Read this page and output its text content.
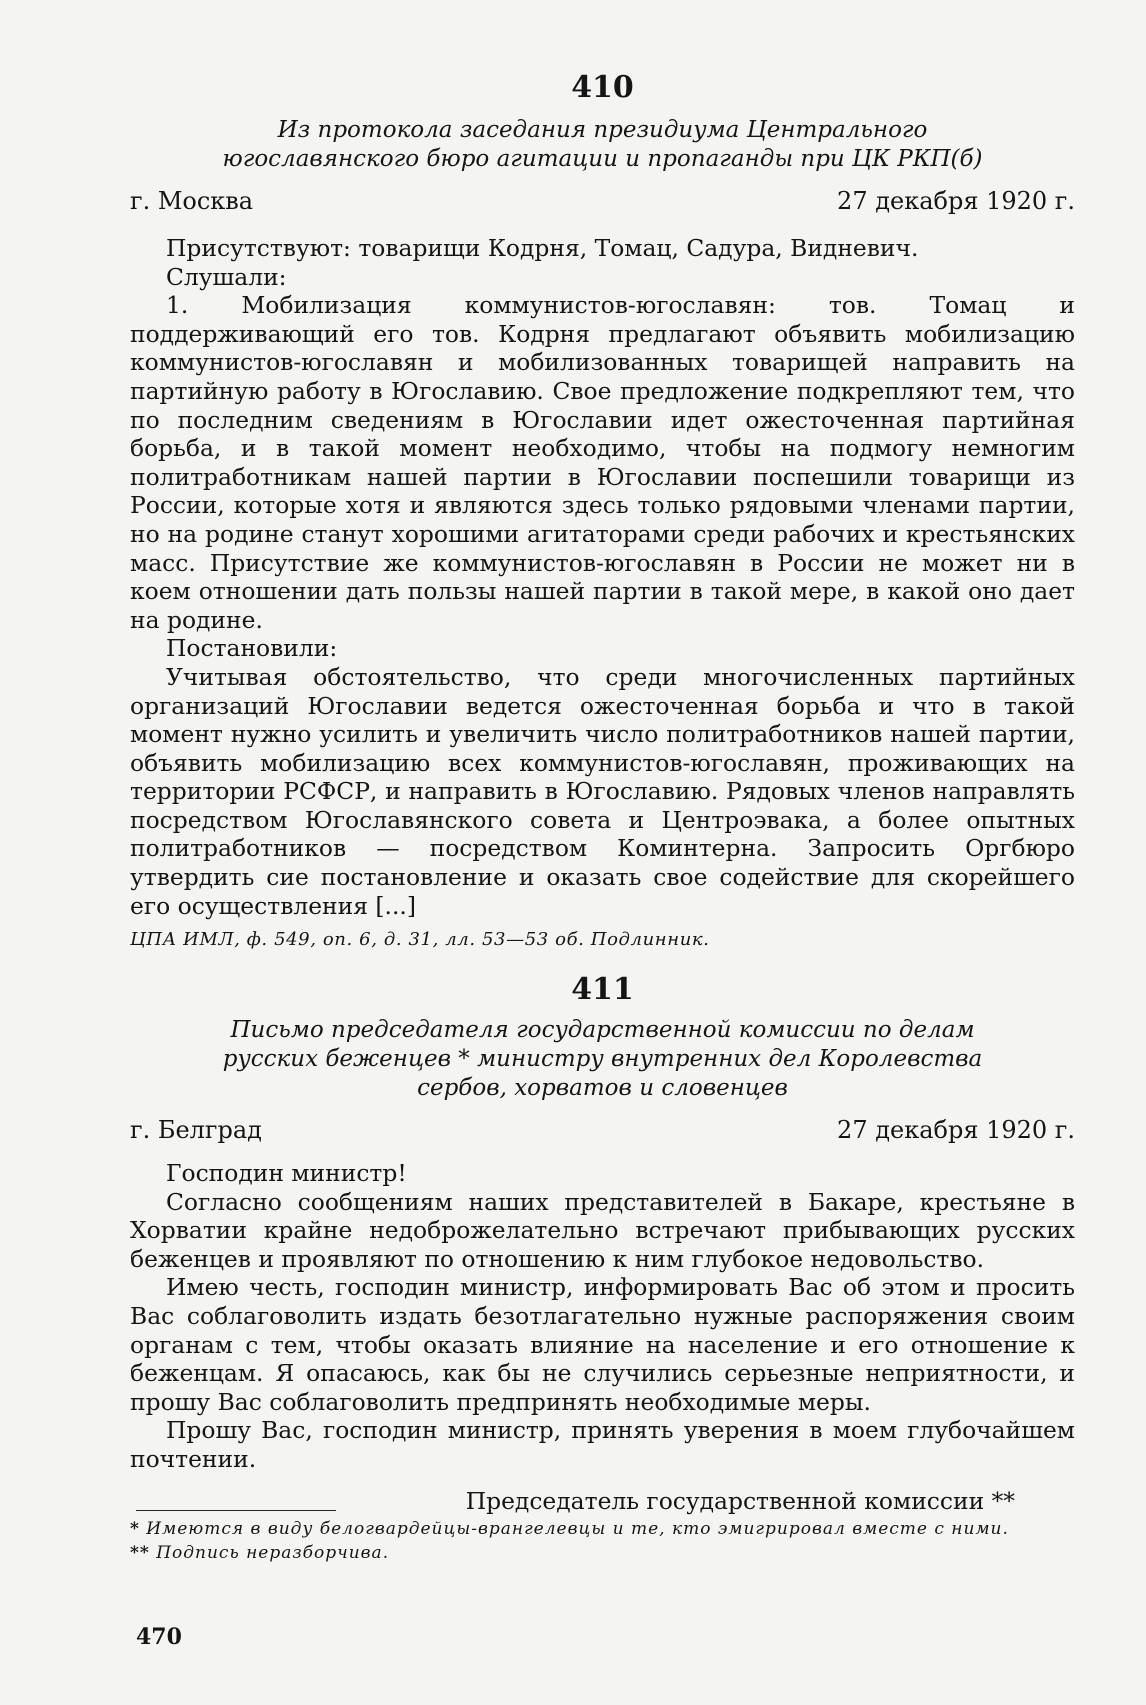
410
Из протокола заседания президиума Центрального югославянского бюро агитации и пропаганды при ЦК РКП(б)
г. Москва	27 декабря 1920 г.

Присутствуют: товарищи Кодрня, Томац, Садура, Видневич.

Слушали:

1. Мобилизация коммунистов-югославян: тов. Томац и поддерживающий его тов. Кодрня предлагают объявить мобилизацию коммунистов-югославян и мобилизованных товарищей направить на партийную работу в Югославию. Свое предложение подкрепляют тем, что по последним сведениям в Югославии идет ожесточенная партийная борьба, и в такой момент необходимо, чтобы на подмогу немногим политработникам нашей партии в Югославии поспешили товарищи из России, которые хотя и являются здесь только рядовыми членами партии, но на родине станут хорошими агитаторами среди рабочих и крестьянских масс. Присутствие же коммунистов-югославян в России не может ни в коем отношении дать пользы нашей партии в такой мере, в какой оно дает на родине.

Постановили:

Учитывая обстоятельство, что среди многочисленных партийных организаций Югославии ведется ожесточенная борьба и что в такой момент нужно усилить и увеличить число политработников нашей партии, объявить мобилизацию всех коммунистов-югославян, проживающих на территории РСФСР, и направить в Югославию. Рядовых членов направлять посредством Югославянского совета и Центроэвака, а более опытных политработников — посредством Коминтерна. Запросить Оргбюро утвердить сие постановление и оказать свое содействие для скорейшего его осуществления [...]

ЦПА ИМЛ, ф. 549, оп. 6, д. 31, лл. 53—53 об. Подлинник.
411
Письмо председателя государственной комиссии по делам русских беженцев * министру внутренних дел Королевства сербов, хорватов и словенцев
г. Белград	27 декабря 1920 г.

Господин министр!

Согласно сообщениям наших представителей в Бакаре, крестьяне в Хорватии крайне недоброжелательно встречают прибывающих русских беженцев и проявляют по отношению к ним глубокое недовольство.

Имею честь, господин министр, информировать Вас об этом и просить Вас соблаговолить издать безотлагательно нужные распоряжения своим органам с тем, чтобы оказать влияние на население и его отношение к беженцам. Я опасаюсь, как бы не случились серьезные неприятности, и прошу Вас соблаговолить предпринять необходимые меры.

Прошу Вас, господин министр, принять уверения в моем глубочайшем почтении.

Председатель государственной комиссии **
* Имеются в виду белогвардейцы-врангелевцы и те, кто эмигрировал вместе с ними.
** Подпись неразборчива.
470
